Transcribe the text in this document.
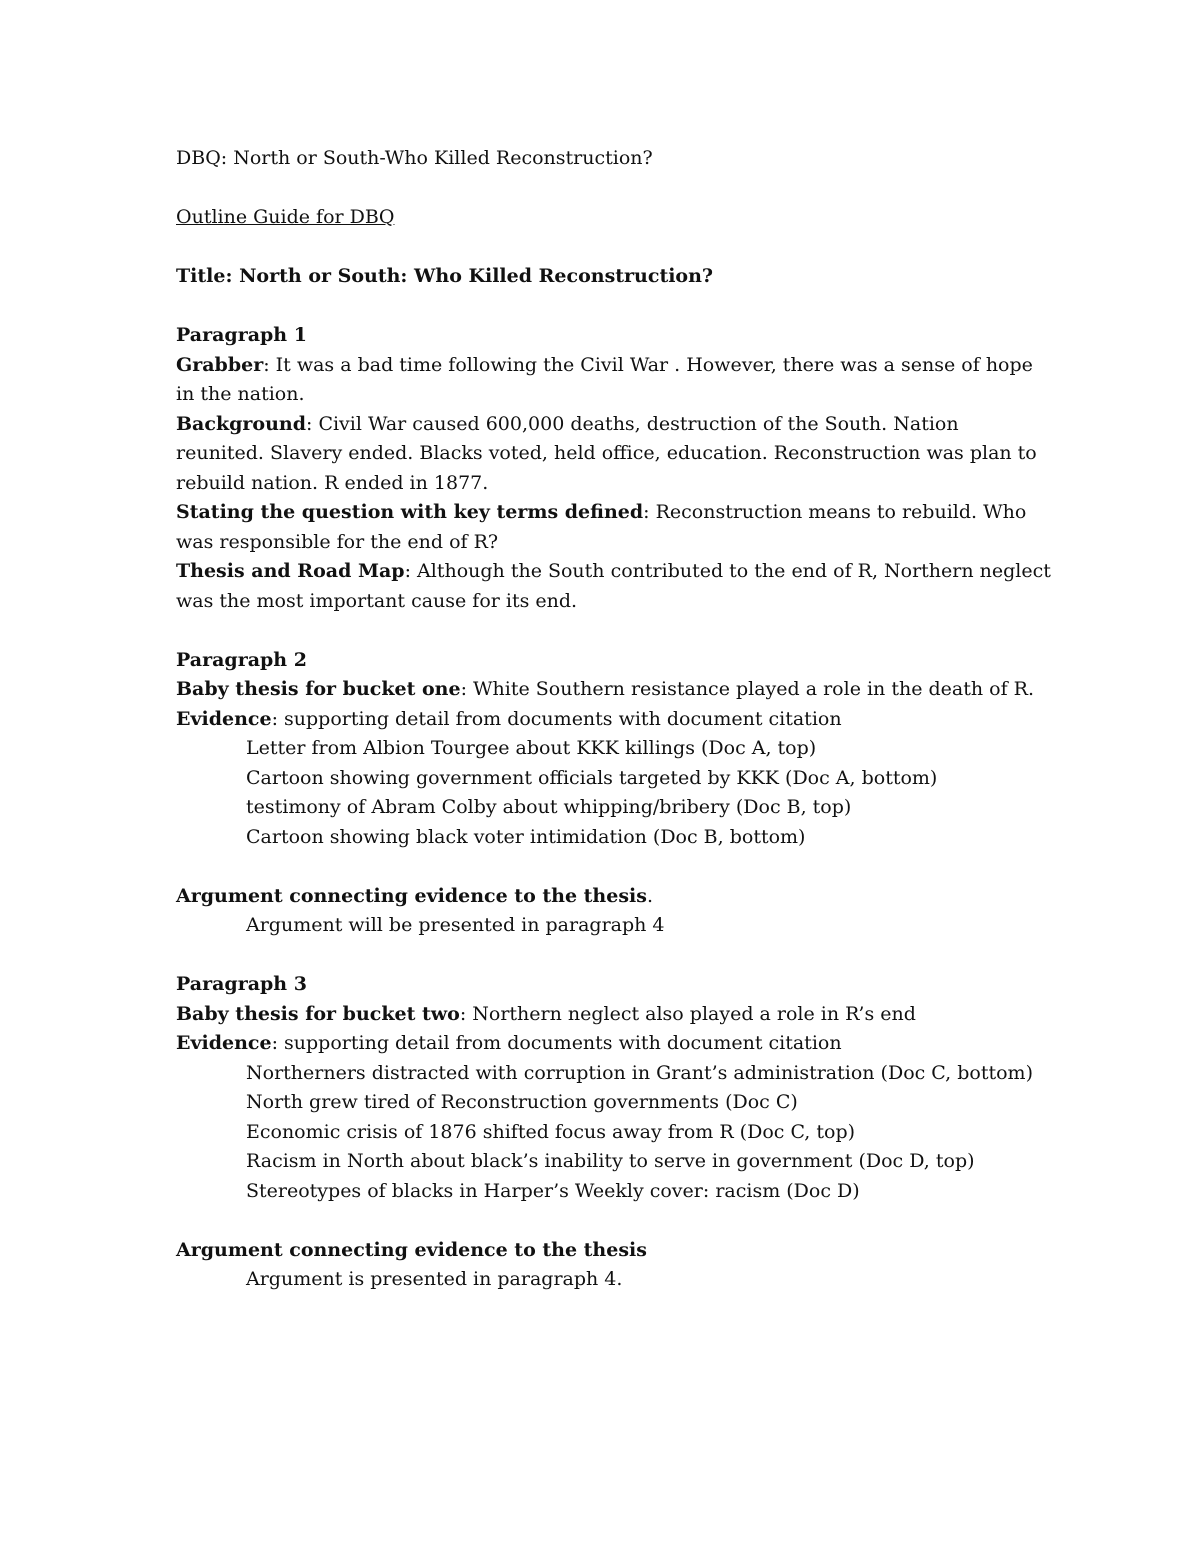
DBQ: North or South-Who Killed Reconstruction?
Outline Guide for DBQ
Title: North or South: Who Killed Reconstruction?
Paragraph 1
Grabber: It was a bad time following the Civil War . However, there was a sense of hope
in the nation.
Background: Civil War caused 600,000 deaths, destruction of the South. Nation
reunited. Slavery ended. Blacks voted, held office, education. Reconstruction was plan to
rebuild nation. R ended in 1877.
Stating the question with key terms defined: Reconstruction means to rebuild. Who
was responsible for the end of R?
Thesis and Road Map: Although the South contributed to the end of R, Northern neglect
was the most important cause for its end.
Paragraph 2
Baby thesis for bucket one: White Southern resistance played a role in the death of R.
Evidence: supporting detail from documents with document citation
Letter from Albion Tourgee about KKK killings (Doc A, top)
Cartoon showing government officials targeted by KKK (Doc A, bottom)
testimony of Abram Colby about whipping/bribery (Doc B, top)
Cartoon showing black voter intimidation (Doc B, bottom)
Argument connecting evidence to the thesis.
Argument will be presented in paragraph 4
Paragraph 3
Baby thesis for bucket two: Northern neglect also played a role in R’s end
Evidence: supporting detail from documents with document citation
Northerners distracted with corruption in Grant’s administration (Doc C, bottom)
North grew tired of Reconstruction governments (Doc C)
Economic crisis of 1876 shifted focus away from R (Doc C, top)
Racism in North about black’s inability to serve in government (Doc D, top)
Stereotypes of blacks in Harper’s Weekly cover: racism (Doc D)
Argument connecting evidence to the thesis
Argument is presented in paragraph 4.
